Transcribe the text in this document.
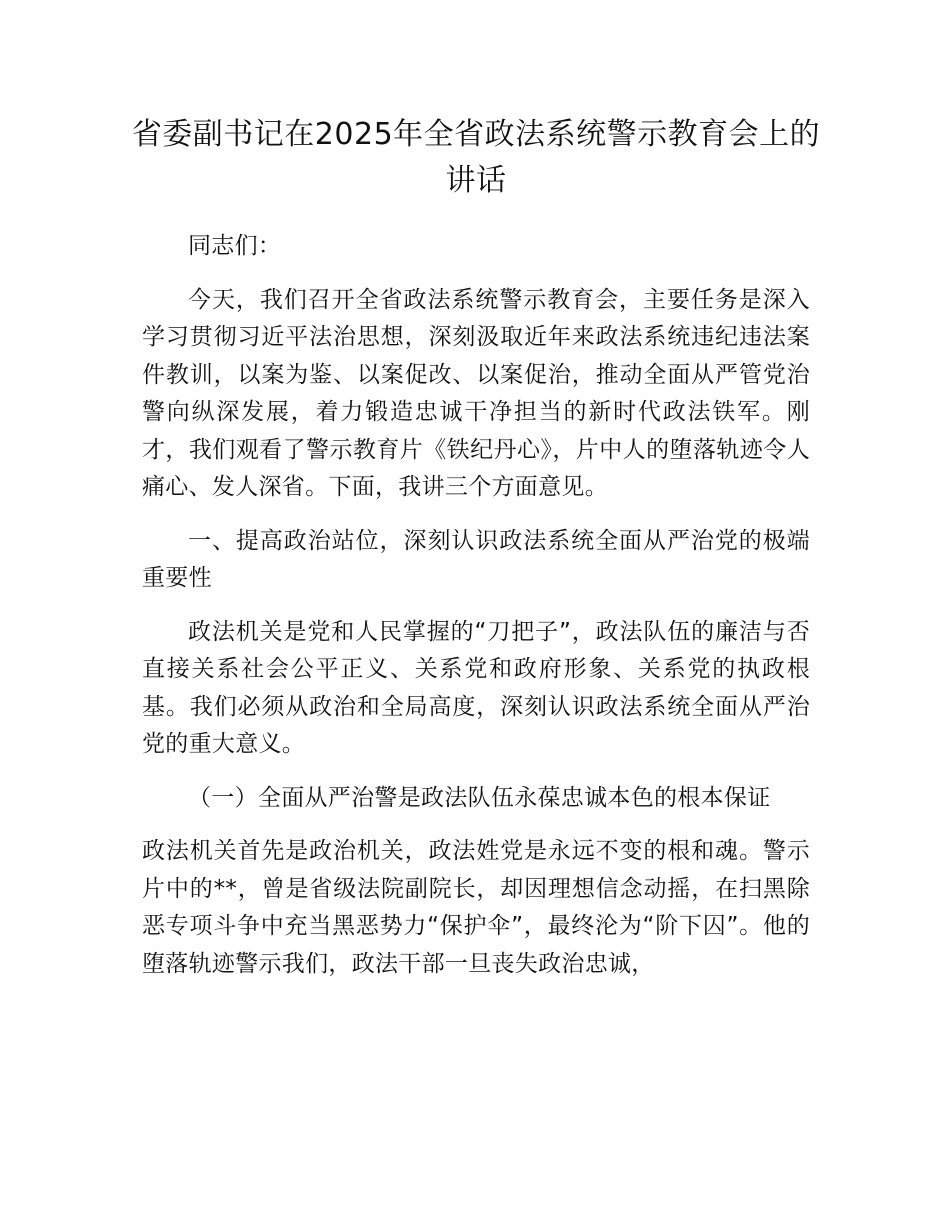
省委副书记在2025年全省政法系统警示教育会上的讲话

同志们：

今天，我们召开全省政法系统警示教育会，主要任务是深入学习贯彻习近平法治思想，深刻汲取近年来政法系统违纪违法案件教训，以案为鉴、以案促改、以案促治，推动全面从严管党治警向纵深发展，着力锻造忠诚干净担当的新时代政法铁军。刚才，我们观看了警示教育片《铁纪丹心》，片中人的堕落轨迹令人痛心、发人深省。下面，我讲三个方面意见。

一、提高政治站位，深刻认识政法系统全面从严治党的极端重要性

政法机关是党和人民掌握的“刀把子”，政法队伍的廉洁与否直接关系社会公平正义、关系党和政府形象、关系党的执政根基。我们必须从政治和全局高度，深刻认识政法系统全面从严治党的重大意义。

（一）全面从严治警是政法队伍永葆忠诚本色的根本保证

政法机关首先是政治机关，政法姓党是永远不变的根和魂。警示片中的**，曾是省级法院副院长，却因理想信念动摇，在扫黑除恶专项斗争中充当黑恶势力“保护伞”，最终沦为“阶下囚”。他的堕落轨迹警示我们，政法干部一旦丧失政治忠诚，
